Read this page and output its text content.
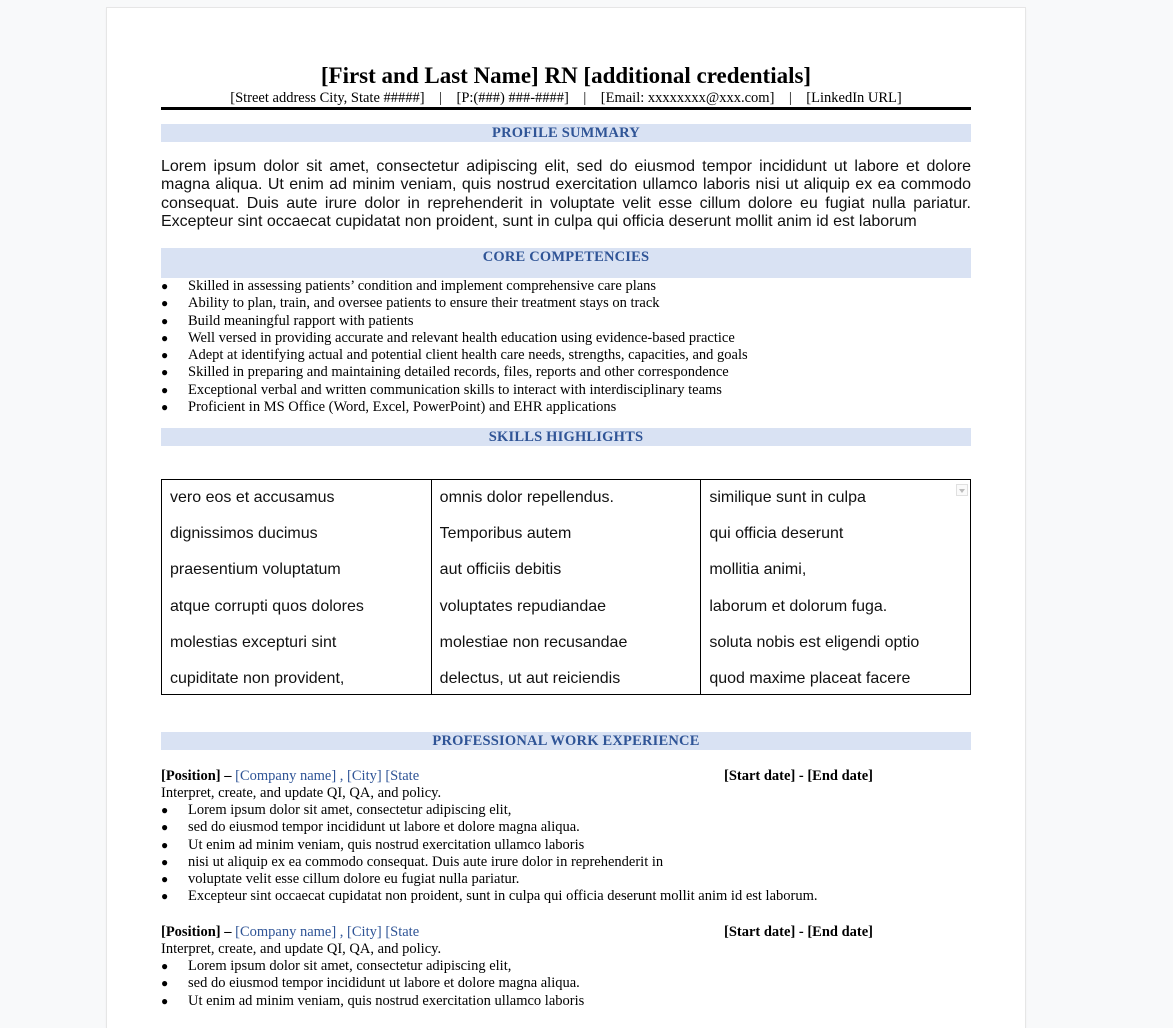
[First and Last Name] RN [additional credentials]
[Street address City, State #####]    |    [P:(###) ###-####]    |    [Email: xxxxxxxx@xxx.com]    |    [LinkedIn URL]
PROFILE SUMMARY
Lorem ipsum dolor sit amet, consectetur adipiscing elit, sed do eiusmod tempor incididunt ut labore et dolore magna aliqua. Ut enim ad minim veniam, quis nostrud exercitation ullamco laboris nisi ut aliquip ex ea commodo consequat. Duis aute irure dolor in reprehenderit in voluptate velit esse cillum dolore eu fugiat nulla pariatur. Excepteur sint occaecat cupidatat non proident, sunt in culpa qui officia deserunt mollit anim id est laborum
CORE COMPETENCIES
● Skilled in assessing patients’ condition and implement comprehensive care plans
● Ability to plan, train, and oversee patients to ensure their treatment stays on track
● Build meaningful rapport with patients
● Well versed in providing accurate and relevant health education using evidence-based practice
● Adept at identifying actual and potential client health care needs, strengths, capacities, and goals
● Skilled in preparing and maintaining detailed records, files, reports and other correspondence
● Exceptional verbal and written communication skills to interact with interdisciplinary teams
● Proficient in MS Office (Word, Excel, PowerPoint) and EHR applications
SKILLS HIGHLIGHTS
vero eos et accusamus
dignissimos ducimus
praesentium voluptatum
atque corrupti quos dolores
molestias excepturi sint
cupiditate non provident,
omnis dolor repellendus.
Temporibus autem
aut officiis debitis
voluptates repudiandae
molestiae non recusandae
delectus, ut aut reiciendis
similique sunt in culpa
qui officia deserunt
mollitia animi,
laborum et dolorum fuga.
soluta nobis est eligendi optio
quod maxime placeat facere
PROFESSIONAL WORK EXPERIENCE
[Position] – [Company name] , [City] [State	[Start date] - [End date]
Interpret, create, and update QI, QA, and policy.
● Lorem ipsum dolor sit amet, consectetur adipiscing elit,
● sed do eiusmod tempor incididunt ut labore et dolore magna aliqua.
● Ut enim ad minim veniam, quis nostrud exercitation ullamco laboris
● nisi ut aliquip ex ea commodo consequat. Duis aute irure dolor in reprehenderit in
● voluptate velit esse cillum dolore eu fugiat nulla pariatur.
● Excepteur sint occaecat cupidatat non proident, sunt in culpa qui officia deserunt mollit anim id est laborum.
[Position] – [Company name] , [City] [State	[Start date] - [End date]
Interpret, create, and update QI, QA, and policy.
● Lorem ipsum dolor sit amet, consectetur adipiscing elit,
● sed do eiusmod tempor incididunt ut labore et dolore magna aliqua.
● Ut enim ad minim veniam, quis nostrud exercitation ullamco laboris
